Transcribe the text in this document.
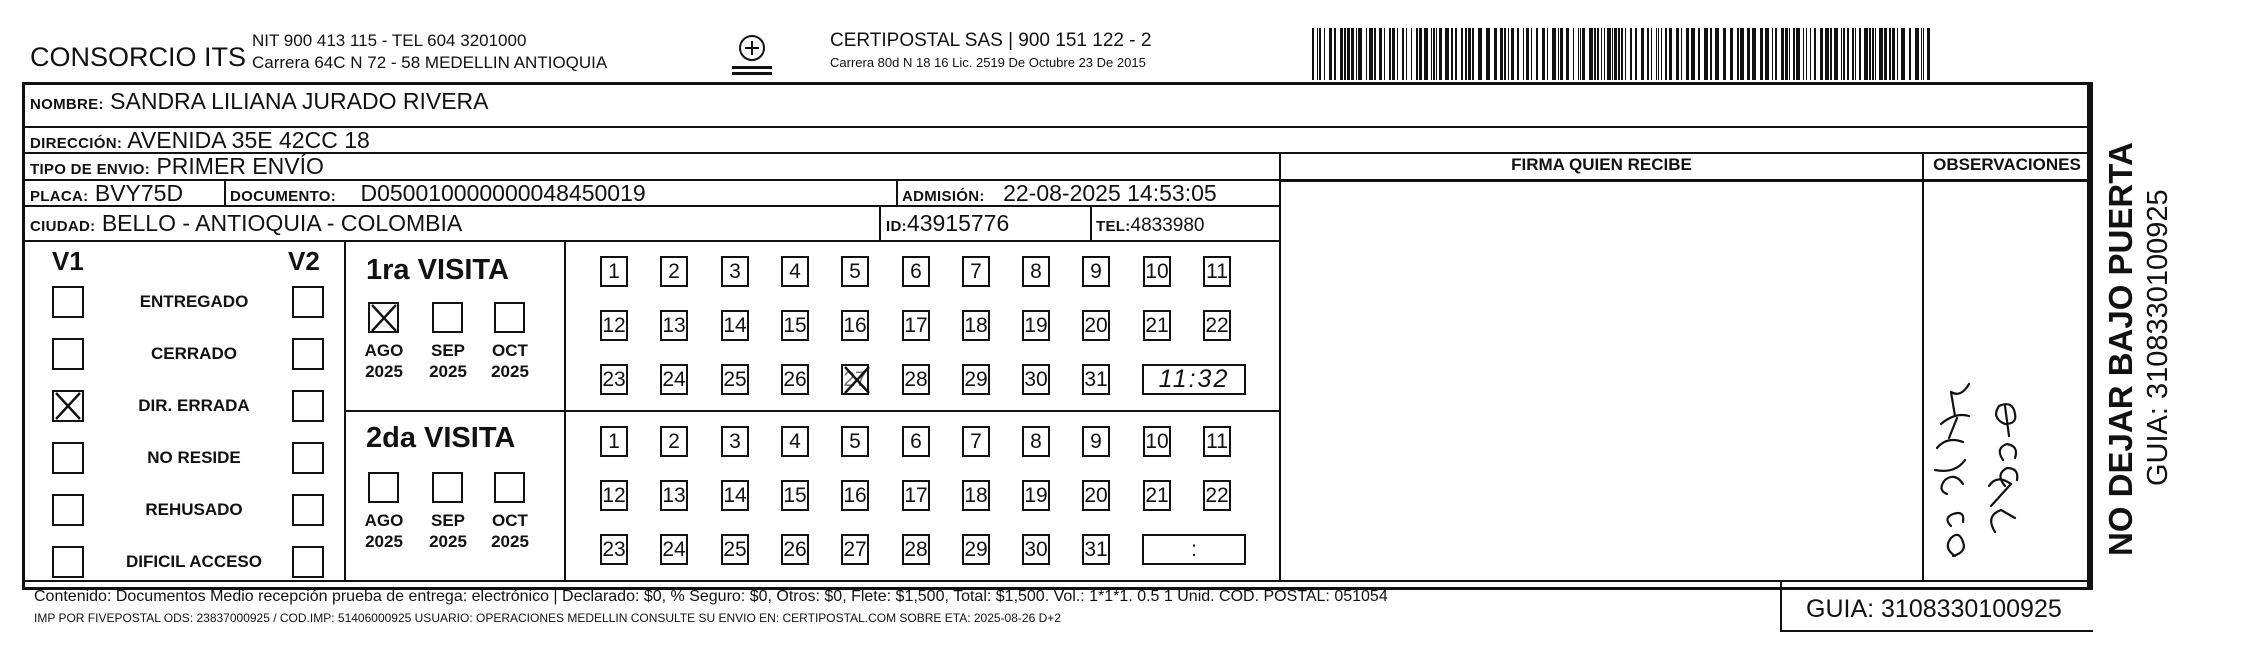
CONSORCIO ITS
NIT 900 413 115 - TEL 604 3201000
Carrera 64C N 72 - 58 MEDELLIN ANTIOQUIA
CERTIPOSTAL SAS | 900 151 122 - 2
Carrera 80d N 18 16 Lic. 2519 De Octubre 23 De 2015
NOMBRE: SANDRA LILIANA JURADO RIVERA
DIRECCIÓN: AVENIDA 35E 42CC 18
TIPO DE ENVIO: PRIMER ENVÍO
PLACA: BVY75D	DOCUMENTO: D050010000000048450019	ADMISIÓN: 22-08-2025 14:53:05
CIUDAD: BELLO - ANTIOQUIA - COLOMBIA	ID:43915776	TEL:4833980
FIRMA QUIEN RECIBE	OBSERVACIONES
V1	V2
ENTREGADO
CERRADO
DIR. ERRADA
NO RESIDE
REHUSADO
DIFICIL ACCESO
1ra VISITA
2da VISITA
AGO
2025
SEP
2025
OCT
2025
1	2	3	4	5	6	7	8	9	10 11
12 13 14 15 16 17 18 19 20 21 22
23 24 25 26 27 28 29 30 31	11:32
AGO
2025
SEP
2025
OCT
2025
1	2	3	4	5	6	7	8	9	10 11
12 13 14 15 16 17 18 19 20 21 22
23 24 25 26 27 28 29 30 31	:
Contenido: Documentos Medio recepción prueba de entrega: electrónico | Declarado: $0, % Seguro: $0, Otros: $0, Flete: $1,500, Total: $1,500. Vol.: 1*1*1. 0.5 1 Unid. COD. POSTAL: 051054
IMP POR FIVEPOSTAL ODS: 23837000925 / COD.IMP: 51406000925 USUARIO: OPERACIONES MEDELLIN CONSULTE SU ENVIO EN: CERTIPOSTAL.COM SOBRE ETA: 2025-08-26 D+2	GUIA: 3108330100925
NO DEJAR BAJO PUERTA GUIA: 3108330100925
